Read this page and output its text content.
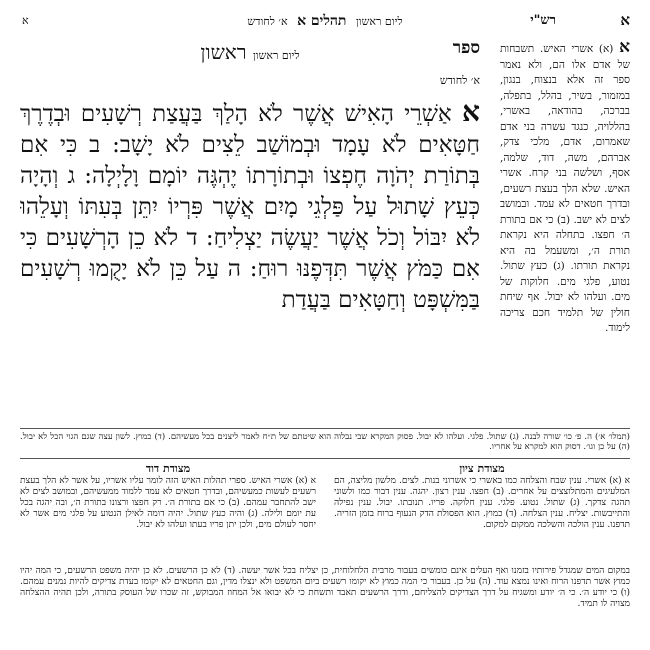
א
רש"י
ליום ראשון תהלים א א׳ לחודש
א
א (א) אשרי האיש. תשבחות של אדם אלו הם, ולא נאמר ספר זה אלא בנצוח, בנגון, במזמור, בשיר, בהלל, בתפלה, בברכה, בהודאה, באשרי, בהללויה, כנגד עשרה בני אדם שאמרום, אדם, מלכי צדק, אברהם, משה, דוד, שלמה, אסף, ושלשה בני קרח. אשרי האיש. שלא הלך בעצת רשעים, ובדרך חטאים לא עמד. ובמושב לצים לא ישב. (ב) כי אם בתורת ה׳ חפצו. בתחלה היא נקראת תורת ה׳, ומשעמל בה היא נקראת תורתו. (ג) כעץ שתול. נטוע, פלגי מים. חלוקות של מים. ועלהו לא יבול. אף שיחת חולין של תלמיד חכם צריכה לימוד.
ספר
ליום ראשון ראשון
א׳ לחודש
א אַשְׁרֵי הָאִישׁ אֲשֶׁר לֹא הָלַךְ בַּעֲצַת רְשָׁעִים וּבְדֶרֶךְ חַטָּאִים לֹא עָמָד וּבְמוֹשַׁב לֵצִים לֹא יָשָׁב: ב כִּי אִם בְּתוֹרַת יְהֹוָה חֶפְצוֹ וּבְתוֹרָתוֹ יֶהְגֶּה יוֹמָם וָלָיְלָה: ג וְהָיָה כְּעֵץ שָׁתוּל עַל פַּלְגֵי מָיִם אֲשֶׁר פִּרְיוֹ יִתֵּן בְּעִתּוֹ וְעָלֵהוּ לֹא יִבּוֹל וְכֹל אֲשֶׁר יַעֲשֶׂה יַצְלִיחַ: ד לֹא כֵן הָרְשָׁעִים כִּי אִם כַּמֹּץ אֲשֶׁר תִּדְּפֶנּוּ רוּחַ: ה עַל כֵּן לֹא יָקֻמוּ רְשָׁעִים בַּמִּשְׁפָּט וְחַטָּאִים בַּעֲדַת
(תמלו׳ א׳) ה. פ׳ כו׳ שורה לבנה. (ג) שתול. פלגי. ועלהו לא יבול. פסוק המקרא שבי נבלוה הוא שיטתם של ת״ח לאמר ליצנים בכל מעשיהם. (ד) כמוץ. לשון עצה שגם הגוי הכל לא יבול. (ה) על כן וגו׳. דסוק הוא למקרא על אחריו.
מצודת ציון

א (א) אשרי. ענין שבח והצלחה כמו באשרי כי אשרוני בנות. לצים. מלשון מליצה, הם המלעיגים והמתלוצצים על אחרים. (ב) חפצו. ענין רצון. יהגה. ענין דבור כמו ולשוני תהגה צדקך. (ג) שתול. נטוע. פלגי. ענין חלוקה. פריו. תנובתו. יבול. ענין נפילה והתייבשות. יצליח. ענין הצלחה. (ד) כמוץ. הוא הפסולת הדק הנעוף ברוח בזמן הזריה. תדפנו. ענין הולכה והשלכה ממקום למקום.

מצודת דוד

א (א) אשרי האיש. ספרי תהלות האיש הזה לומר עליו אשריו, על אשר לא הלך בעצת רשעים לעשות כמעשיהם, ובדרך חטאים לא עמד ללמוד ממעשיהם, ובמושב לצים לא ישב להתחבר עמהם. (ב) כי אם בתורת ה׳. רק חפצו ורצונו בתורת ה׳, ובה יהגה בכל עת יומם ולילה. (ג) והיה כעץ שתול. יהיה דומה לאילן הנטוע על פלגי מים אשר לא יחסר לעולם מים, ולכן יתן פריו בעתו ועלהו לא יבול.

במקום המים שמגדל פירותיו בזמנו ואף העלים אינם כומשים בעבור מרבית הלחלוחית, כן יצליח בכל אשר יעשה. (ד) לא כן הרשעים. לא כן יהיה משפט הרשעים, כי המה יהיו כמוץ אשר תדפנו הרוח ואינו נמצא עוד. (ה) על כן. בעבור כי המה כמוץ לא יקומו רשעים ביום המשפט ולא ינצלו מדין, וגם החטאים לא יקומו בעדת צדיקים להיות נמנים עמהם. (ו) כי יודע ה׳. כי ה׳ יודע ומשגיח על דרך הצדיקים להצליחם, ודרך הרשעים תאבד ותשחת כי לא יבואו אל המחוז המבוקש, זה שכרו של העוסק בתורה, ולכן תהיה ההצלחה מצויה לו תמיד.
